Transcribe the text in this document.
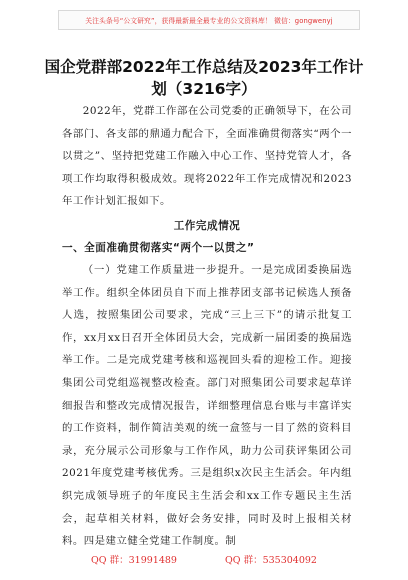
关注头条号“公文研究”，获得最新最全最专业的公文资料库！ 微信：gongwenyj
国企党群部2022年工作总结及2023年工作计划（3216字）

2022年，党群工作部在公司党委的正确领导下，在公司各部门、各支部的鼎通力配合下，全面准确贯彻落实“两个一以贯之”、坚持把党建工作融入中心工作、坚持党管人才，各项工作均取得积极成效。现将2022年工作完成情况和2023年工作计划汇报如下。

工作完成情况
一、全面准确贯彻落实“两个一以贯之”

（一）党建工作质量进一步提升。一是完成团委换届选举工作。组织全体团员自下而上推荐团支部书记候选人预备人选，按照集团公司要求，完成“三上三下”的请示批复工作，xx月xx日召开全体团员大会，完成新一届团委的换届选举工作。二是完成党建考核和巡视回头看的迎检工作。迎接集团公司党组巡视整改检查。部门对照集团公司要求起草详细报告和整改完成情况报告，详细整理信息台账与丰富详实的工作资料，制作简洁美观的统一盒签与一目了然的资料目录，充分展示公司形象与工作作风，助力公司获评集团公司2021年度党建考核优秀。三是组织x次民主生活会。年内组织完成领导班子的年度民主生活会和xx工作专题民主生活会，起草相关材料，做好会务安排，同时及时上报相关材料。四是建立健全党建工作制度。制

QQ 群：31991489	QQ 群：535304092
